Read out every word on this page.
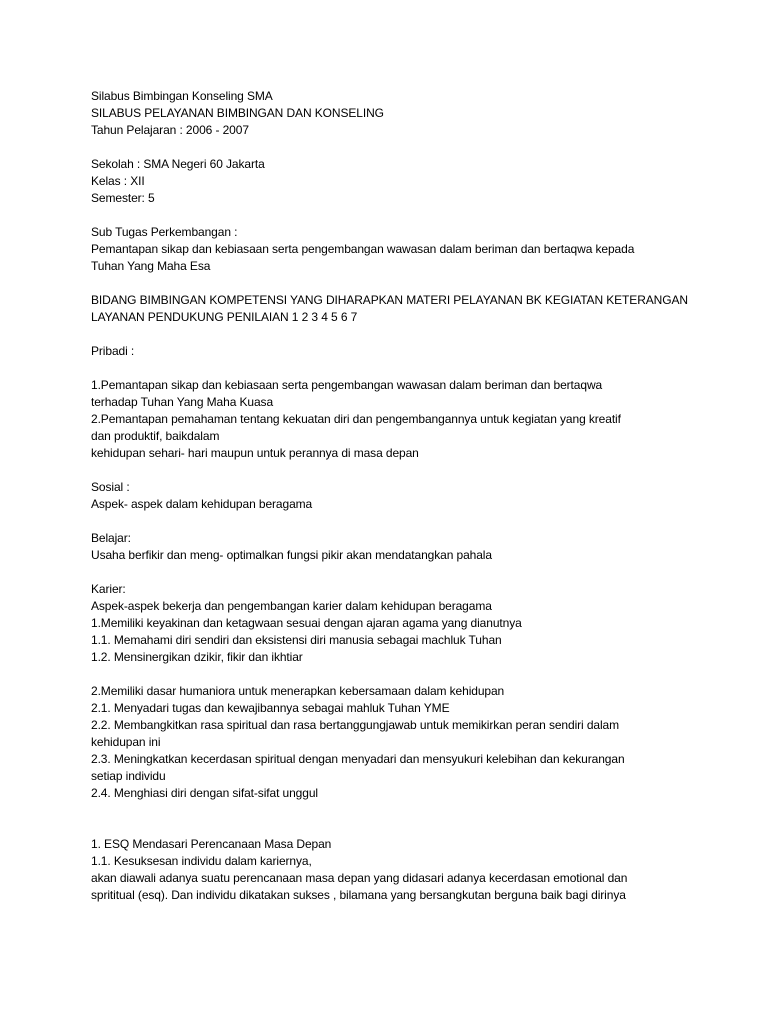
Silabus Bimbingan Konseling SMA
SILABUS PELAYANAN BIMBINGAN DAN KONSELING
Tahun Pelajaran : 2006 - 2007
Sekolah : SMA Negeri 60 Jakarta
Kelas : XII
Semester: 5
Sub Tugas Perkembangan :
Pemantapan sikap dan kebiasaan serta pengembangan wawasan dalam beriman dan bertaqwa kepada
Tuhan Yang Maha Esa
BIDANG BIMBINGAN KOMPETENSI YANG DIHARAPKAN MATERI PELAYANAN BK KEGIATAN KETERANGAN
LAYANAN PENDUKUNG PENILAIAN 1 2 3 4 5 6 7
Pribadi :
1.Pemantapan sikap dan kebiasaan serta pengembangan wawasan dalam beriman dan bertaqwa
terhadap Tuhan Yang Maha Kuasa
2.Pemantapan pemahaman tentang kekuatan diri dan pengembangannya untuk kegiatan yang kreatif
dan produktif, baikdalam
kehidupan sehari- hari maupun untuk perannya di masa depan
Sosial :
Aspek- aspek dalam kehidupan beragama
Belajar:
Usaha berfikir dan meng- optimalkan fungsi pikir akan mendatangkan pahala
Karier:
Aspek-aspek bekerja dan pengembangan karier dalam kehidupan beragama
1.Memiliki keyakinan dan ketagwaan sesuai dengan ajaran agama yang dianutnya
1.1. Memahami diri sendiri dan eksistensi diri manusia sebagai machluk Tuhan
1.2. Mensinergikan dzikir, fikir dan ikhtiar
2.Memiliki dasar humaniora untuk menerapkan kebersamaan dalam kehidupan
2.1. Menyadari tugas dan kewajibannya sebagai mahluk Tuhan YME
2.2. Membangkitkan rasa spiritual dan rasa bertanggungjawab untuk memikirkan peran sendiri dalam
kehidupan ini
2.3. Meningkatkan kecerdasan spiritual dengan menyadari dan mensyukuri kelebihan dan kekurangan
setiap individu
2.4. Menghiasi diri dengan sifat-sifat unggul
1. ESQ Mendasari Perencanaan Masa Depan
1.1. Kesuksesan individu dalam kariernya,
akan diawali adanya suatu perencanaan masa depan yang didasari adanya kecerdasan emotional dan
sprititual (esq). Dan individu dikatakan sukses , bilamana yang bersangkutan berguna baik bagi dirinya
